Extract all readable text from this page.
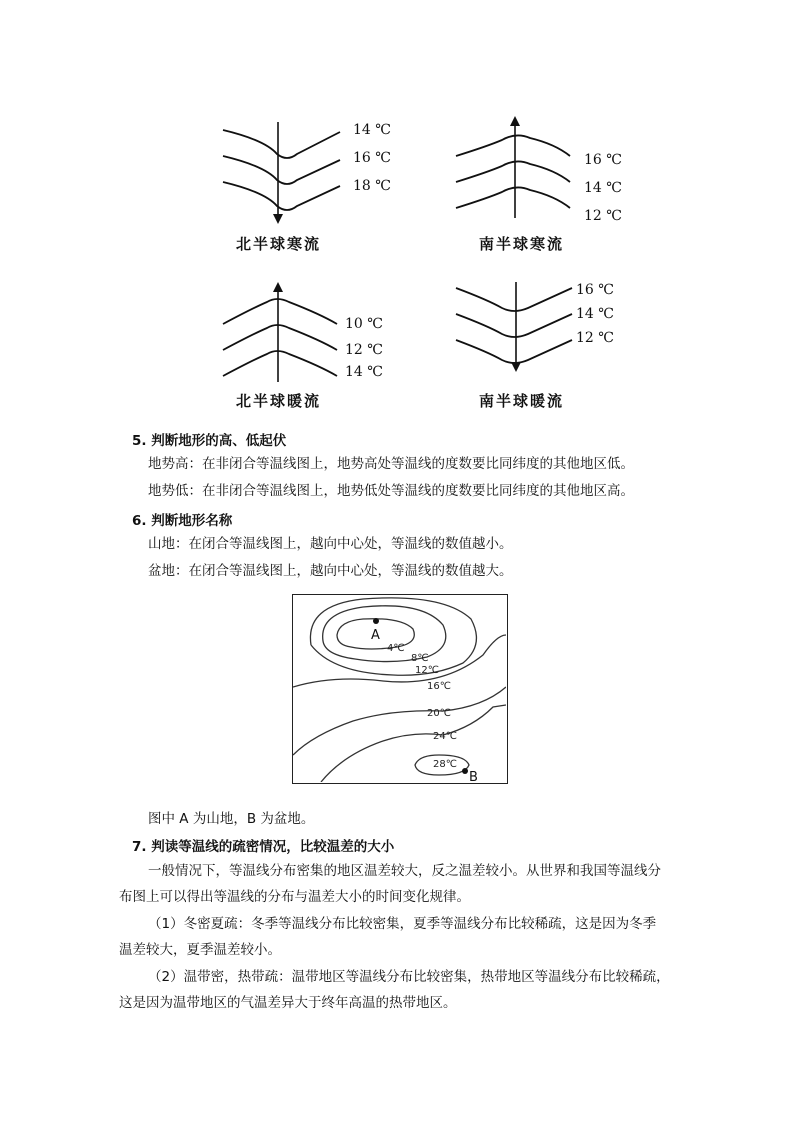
14 ℃
16 ℃
18 ℃
北半球寒流
16 ℃
14 ℃
12 ℃
南半球寒流
10 ℃
12 ℃
14 ℃
北半球暖流
16 ℃
14 ℃
12 ℃
南半球暖流
5. 判断地形的高、低起伏
地势高：在非闭合等温线图上，地势高处等温线的度数要比同纬度的其他地区低。
地势低：在非闭合等温线图上，地势低处等温线的度数要比同纬度的其他地区高。
6. 判断地形名称
山地：在闭合等温线图上，越向中心处，等温线的数值越小。
盆地：在闭合等温线图上，越向中心处，等温线的数值越大。
A
B
4℃
8℃
12℃
16℃
20℃
24℃
28℃
图中 A 为山地，B 为盆地。
7. 判读等温线的疏密情况，比较温差的大小
一般情况下，等温线分布密集的地区温差较大，反之温差较小。从世界和我国等温线分
布图上可以得出等温线的分布与温差大小的时间变化规律。
（1）冬密夏疏：冬季等温线分布比较密集，夏季等温线分布比较稀疏，这是因为冬季
温差较大，夏季温差较小。
（2）温带密，热带疏：温带地区等温线分布比较密集，热带地区等温线分布比较稀疏，
这是因为温带地区的气温差异大于终年高温的热带地区。
